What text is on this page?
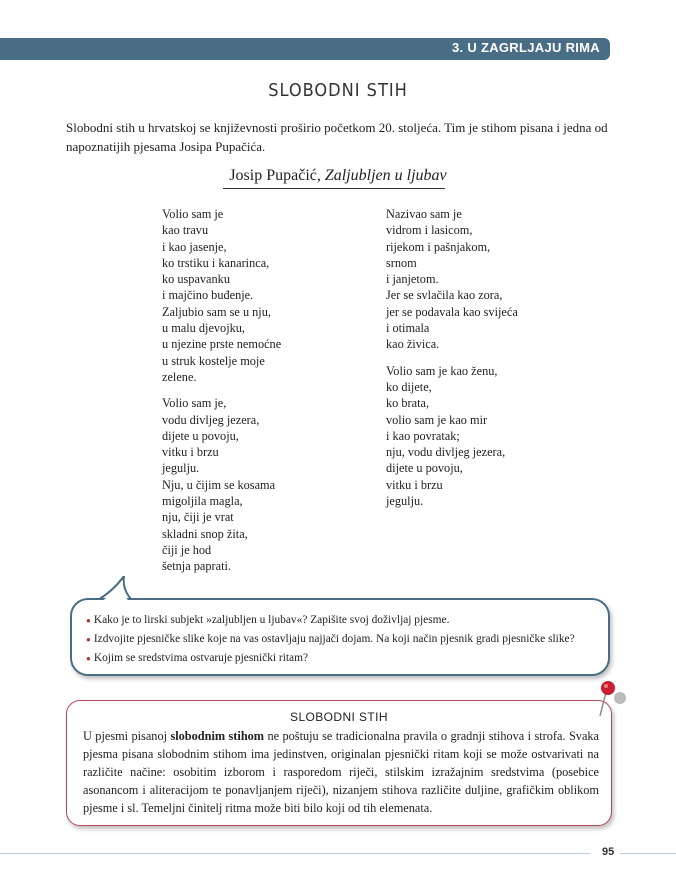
3. U ZAGRLJAJU RIMA
SLOBODNI STIH
Slobodni stih u hrvatskoj se književnosti proširio početkom 20. stoljeća. Tim je stihom pisana i jedna od napoznatijih pjesama Josipa Pupačića.
Josip Pupačić, Zaljubljen u ljubav
Volio sam je
kao travu
i kao jasenje,
ko trstiku i kanarinca,
ko uspavanku
i majčino buđenje.
Zaljubio sam se u nju,
u malu djevojku,
u njezine prste nemoćne
u struk kostelje moje
zelene.
Volio sam je,
vodu divljeg jezera,
dijete u povoju,
vitku i brzu
jegulju.
Nju, u čijim se kosama
migoljila magla,
nju, čiji je vrat
skladni snop žita,
čiji je hod
šetnja paprati.
Nazivao sam je
vidrom i lasicom,
rijekom i pašnjakom,
srnom
i janjetom.
Jer se svlačila kao zora,
jer se podavala kao svijeća
i otimala
kao živica.
Volio sam je kao ženu,
ko dijete,
ko brata,
volio sam je kao mir
i kao povratak;
nju, vodu divljeg jezera,
dijete u povoju,
vitku i brzu
jegulju.
● Kako je to lirski subjekt »zaljubljen u ljubav«? Zapišite svoj doživljaj pjesme.
● Izdvojite pjesničke slike koje na vas ostavljaju najjači dojam. Na koji način pjesnik gradi pjesničke slike?
● Kojim se sredstvima ostvaruje pjesnički ritam?
SLOBODNI STIH
U pjesmi pisanoj slobodnim stihom ne poštuju se tradicionalna pravila o gradnji stihova i strofa. Svaka pjesma pisana slobodnim stihom ima jedinstven, originalan pjesnički ritam koji se može ostvarivati na različite načine: osobitim izborom i rasporedom riječi, stilskim izražajnim sredstvima (posebice asonancom i aliteracijom te ponavljanjem riječi), nizanjem stihova različite duljine, grafičkim oblikom pjesme i sl. Temeljni činitelj ritma može biti bilo koji od tih elemenata.
95
